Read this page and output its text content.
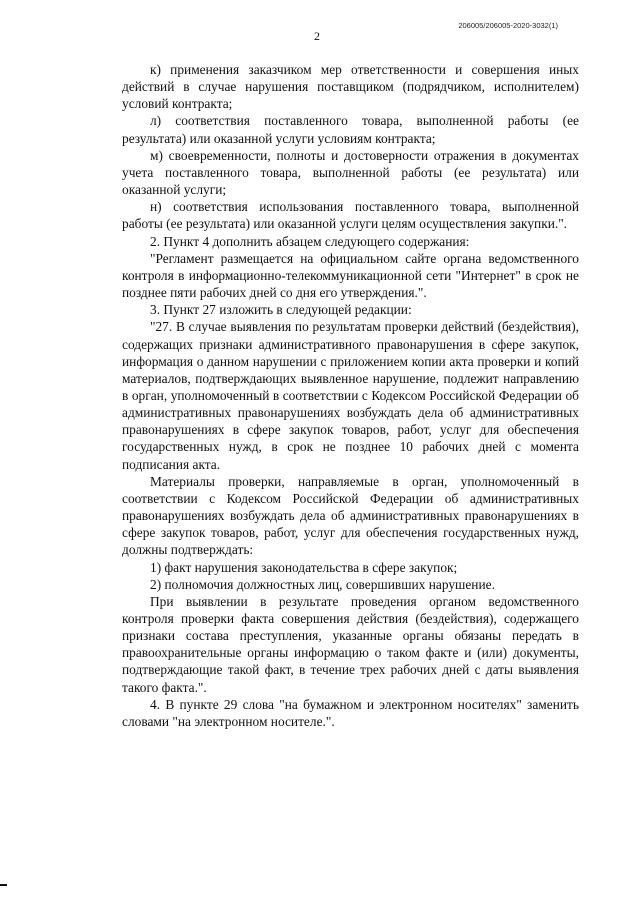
206005/206005-2020-3032(1)
2

к) применения заказчиком мер ответственности и совершения иных действий в случае нарушения поставщиком (подрядчиком, исполнителем) условий контракта;

л) соответствия поставленного товара, выполненной работы (ее результата) или оказанной услуги условиям контракта;

м) своевременности, полноты и достоверности отражения в документах учета поставленного товара, выполненной работы (ее результата) или оказанной услуги;

н) соответствия использования поставленного товара, выполненной работы (ее результата) или оказанной услуги целям осуществления закупки.".

2. Пункт 4 дополнить абзацем следующего содержания:

"Регламент размещается на официальном сайте органа ведомственного контроля в информационно-телекоммуникационной сети "Интернет" в срок не позднее пяти рабочих дней со дня его утверждения.".

3. Пункт 27 изложить в следующей редакции:

"27. В случае выявления по результатам проверки действий (бездействия), содержащих признаки административного правонарушения в сфере закупок, информация о данном нарушении с приложением копии акта проверки и копий материалов, подтверждающих выявленное нарушение, подлежит направлению в орган, уполномоченный в соответствии с Кодексом Российской Федерации об административных правонарушениях возбуждать дела об административных правонарушениях в сфере закупок товаров, работ, услуг для обеспечения государственных нужд, в срок не позднее 10 рабочих дней с момента подписания акта.

Материалы проверки, направляемые в орган, уполномоченный в соответствии с Кодексом Российской Федерации об административных правонарушениях возбуждать дела об административных правонарушениях в сфере закупок товаров, работ, услуг для обеспечения государственных нужд, должны подтверждать:

1) факт нарушения законодательства в сфере закупок;

2) полномочия должностных лиц, совершивших нарушение.

При выявлении в результате проведения органом ведомственного контроля проверки факта совершения действия (бездействия), содержащего признаки состава преступления, указанные органы обязаны передать в правоохранительные органы информацию о таком факте и (или) документы, подтверждающие такой факт, в течение трех рабочих дней с даты выявления такого факта.".

4. В пункте 29 слова "на бумажном и электронном носителях" заменить словами "на электронном носителе.".
